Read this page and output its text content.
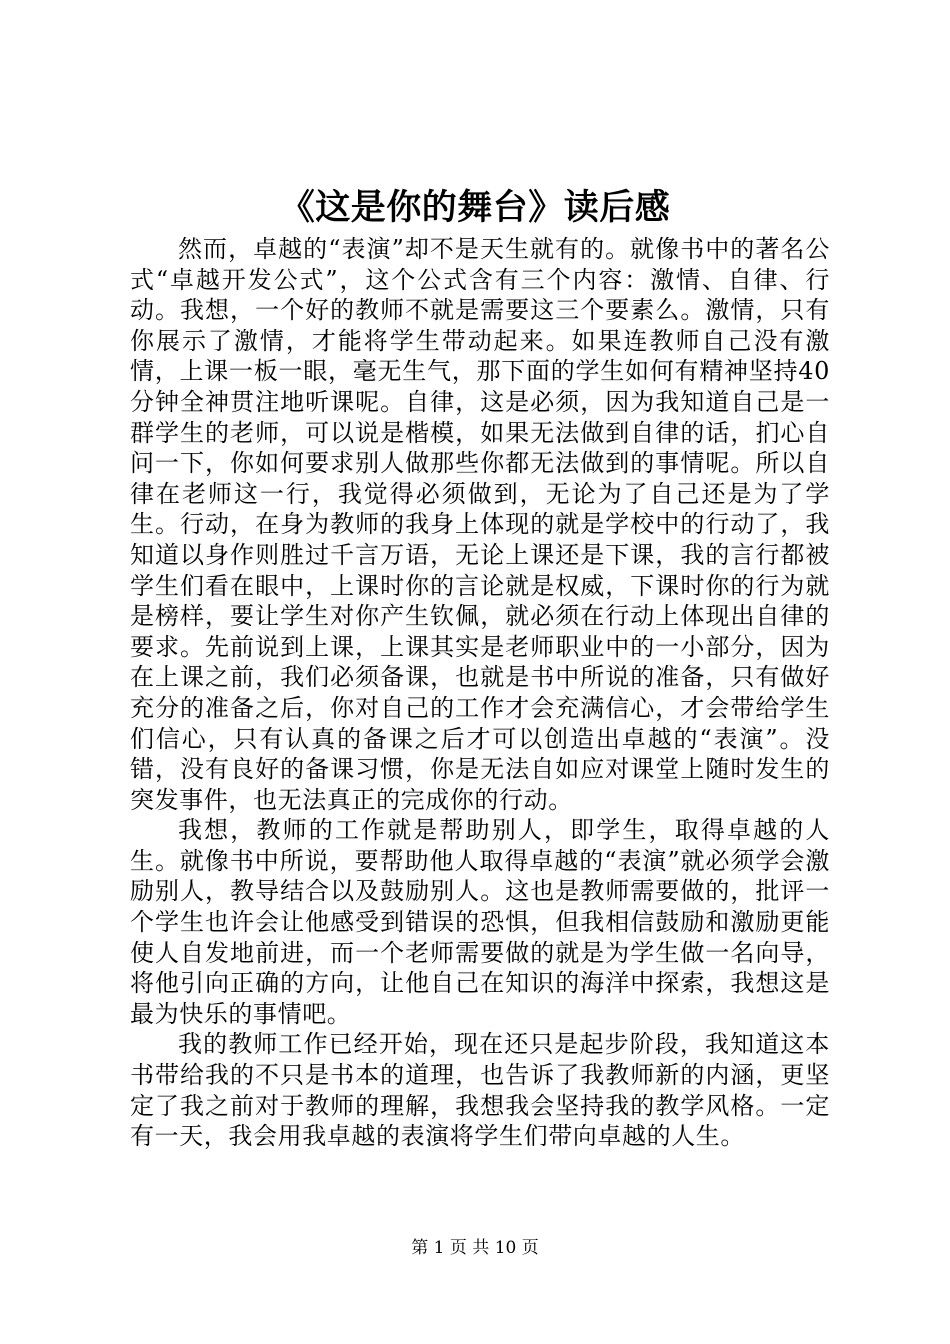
《这是你的舞台》读后感

然而，卓越的“表演”却不是天生就有的。就像书中的著名公式“卓越开发公式”，这个公式含有三个内容：激情、自律、行动。我想，一个好的教师不就是需要这三个要素么。激情，只有你展示了激情，才能将学生带动起来。如果连教师自己没有激情，上课一板一眼，毫无生气，那下面的学生如何有精神坚持40分钟全神贯注地听课呢。自律，这是必须，因为我知道自己是一群学生的老师，可以说是楷模，如果无法做到自律的话，扪心自问一下，你如何要求别人做那些你都无法做到的事情呢。所以自律在老师这一行，我觉得必须做到，无论为了自己还是为了学生。行动，在身为教师的我身上体现的就是学校中的行动了，我知道以身作则胜过千言万语，无论上课还是下课，我的言行都被学生们看在眼中，上课时你的言论就是权威，下课时你的行为就是榜样，要让学生对你产生钦佩，就必须在行动上体现出自律的要求。先前说到上课，上课其实是老师职业中的一小部分，因为在上课之前，我们必须备课，也就是书中所说的准备，只有做好充分的准备之后，你对自己的工作才会充满信心，才会带给学生们信心，只有认真的备课之后才可以创造出卓越的“表演”。没错，没有良好的备课习惯，你是无法自如应对课堂上随时发生的突发事件，也无法真正的完成你的行动。

我想，教师的工作就是帮助别人，即学生，取得卓越的人生。就像书中所说，要帮助他人取得卓越的“表演”就必须学会激励别人，教导结合以及鼓励别人。这也是教师需要做的，批评一个学生也许会让他感受到错误的恐惧，但我相信鼓励和激励更能使人自发地前进，而一个老师需要做的就是为学生做一名向导，将他引向正确的方向，让他自己在知识的海洋中探索，我想这是最为快乐的事情吧。

我的教师工作已经开始，现在还只是起步阶段，我知道这本书带给我的不只是书本的道理，也告诉了我教师新的内涵，更坚定了我之前对于教师的理解，我想我会坚持我的教学风格。一定有一天，我会用我卓越的表演将学生们带向卓越的人生。

第 1 页 共 10 页
